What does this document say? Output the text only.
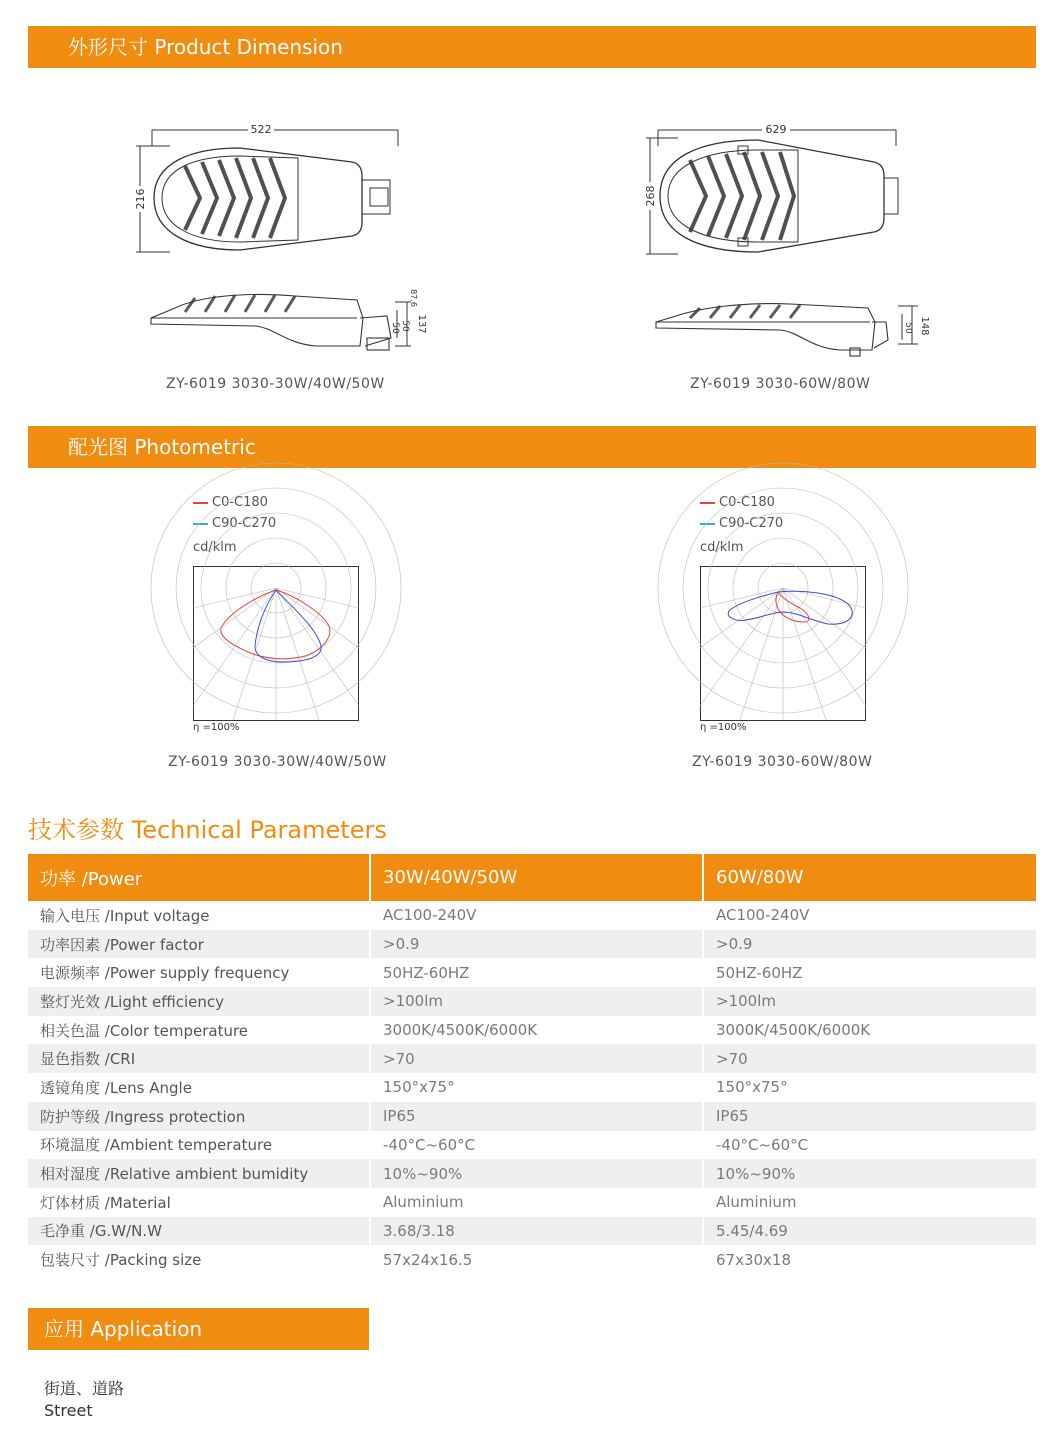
外形尺寸 Product Dimension
522
216
137
50
50
87.6
ZY-6019 3030-30W/40W/50W
629
268
148
50
ZY-6019 3030-60W/80W
配光图 Photometric
C0-C180
C90-C270
cd/klm
η =100%
ZY-6019 3030-30W/40W/50W
C0-C180
C90-C270
cd/klm
η =100%
ZY-6019 3030-60W/80W
技术参数 Technical Parameters
功率 /Power	30W/40W/50W	60W/80W
输入电压 /Input voltage	AC100-240V	AC100-240V
功率因素 /Power factor	>0.9	>0.9
电源频率 /Power supply frequency	50HZ-60HZ	50HZ-60HZ
整灯光效 /Light efficiency	>100lm	>100lm
相关色温 /Color temperature	3000K/4500K/6000K	3000K/4500K/6000K
显色指数 /CRI	>70	>70
透镜角度 /Lens Angle	150°x75°	150°x75°
防护等级 /Ingress protection	IP65	IP65
环境温度 /Ambient temperature	-40°C~60°C	-40°C~60°C
相对湿度 /Relative ambient bumidity	10%~90%	10%~90%
灯体材质 /Material	Aluminium	Aluminium
毛净重 /G.W/N.W	3.68/3.18	5.45/4.69
包装尺寸 /Packing size	57x24x16.5	67x30x18
应用 Application
街道、道路
Street
